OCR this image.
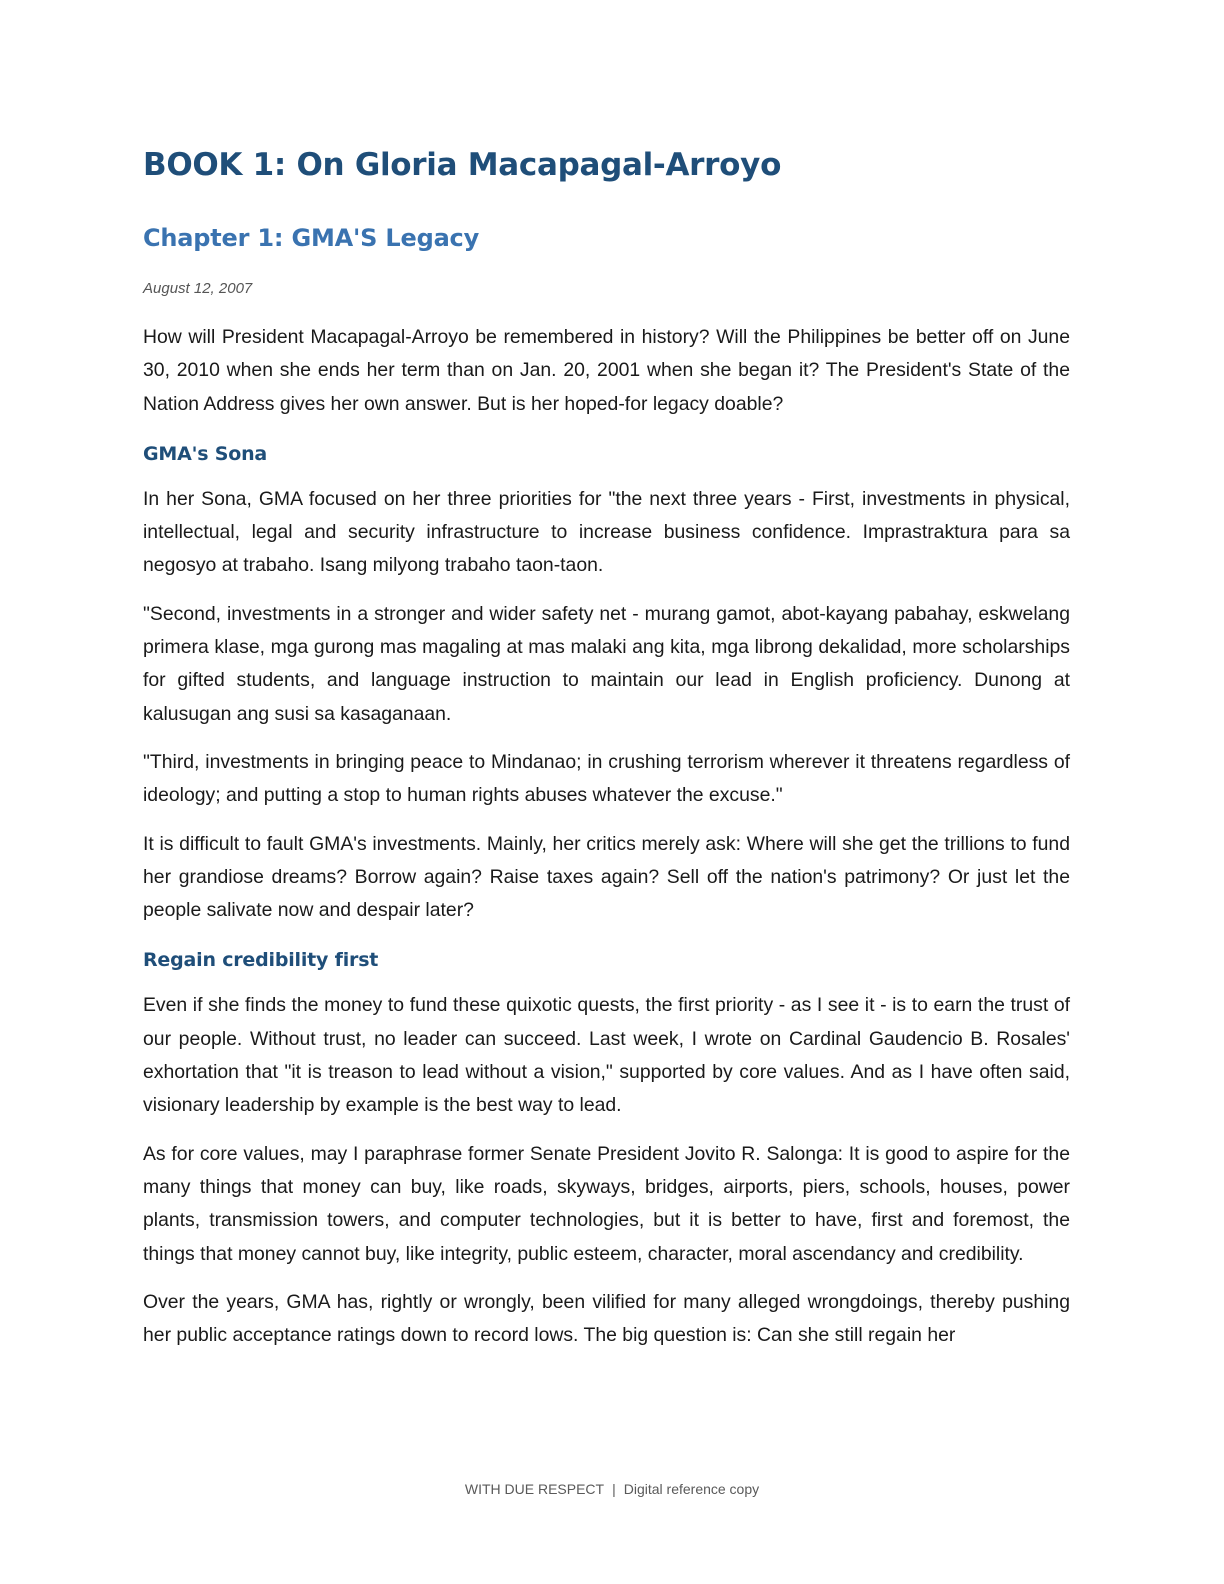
BOOK 1: On Gloria Macapagal-Arroyo
Chapter 1: GMA'S Legacy
August 12, 2007

How will President Macapagal-Arroyo be remembered in history? Will the Philippines be better off on June 30, 2010 when she ends her term than on Jan. 20, 2001 when she began it? The President's State of the Nation Address gives her own answer. But is her hoped-for legacy doable?

GMA's Sona

In her Sona, GMA focused on her three priorities for "the next three years - First, investments in physical, intellectual, legal and security infrastructure to increase business confidence. Imprastraktura para sa negosyo at trabaho. Isang milyong trabaho taon-taon.

"Second, investments in a stronger and wider safety net - murang gamot, abot-kayang pabahay, eskwelang primera klase, mga gurong mas magaling at mas malaki ang kita, mga librong dekalidad, more scholarships for gifted students, and language instruction to maintain our lead in English proficiency. Dunong at kalusugan ang susi sa kasaganaan.

"Third, investments in bringing peace to Mindanao; in crushing terrorism wherever it threatens regardless of ideology; and putting a stop to human rights abuses whatever the excuse."

It is difficult to fault GMA's investments. Mainly, her critics merely ask: Where will she get the trillions to fund her grandiose dreams? Borrow again? Raise taxes again? Sell off the nation's patrimony? Or just let the people salivate now and despair later?

Regain credibility first

Even if she finds the money to fund these quixotic quests, the first priority - as I see it - is to earn the trust of our people. Without trust, no leader can succeed. Last week, I wrote on Cardinal Gaudencio B. Rosales' exhortation that "it is treason to lead without a vision," supported by core values. And as I have often said, visionary leadership by example is the best way to lead.

As for core values, may I paraphrase former Senate President Jovito R. Salonga: It is good to aspire for the many things that money can buy, like roads, skyways, bridges, airports, piers, schools, houses, power plants, transmission towers, and computer technologies, but it is better to have, first and foremost, the things that money cannot buy, like integrity, public esteem, character, moral ascendancy and credibility.

Over the years, GMA has, rightly or wrongly, been vilified for many alleged wrongdoings, thereby pushing her public acceptance ratings down to record lows. The big question is: Can she still regain her

WITH DUE RESPECT | Digital reference copy
